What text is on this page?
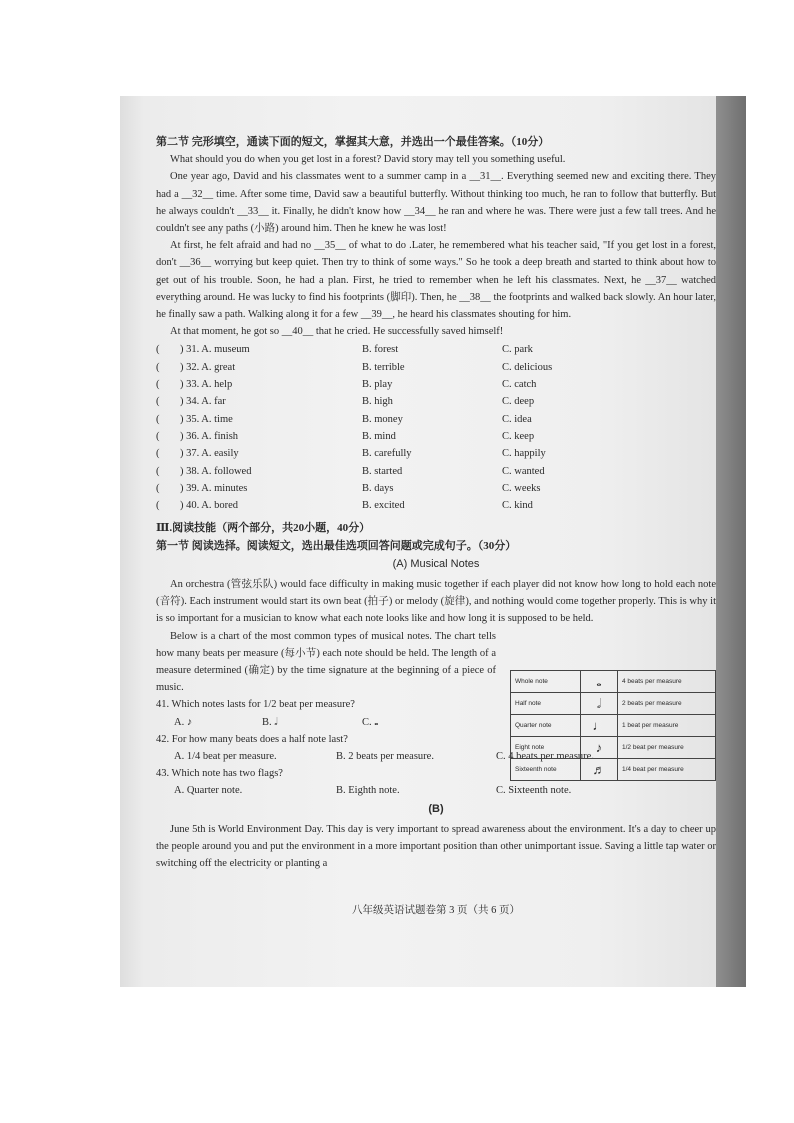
第二节 完形填空，通读下面的短文，掌握其大意，并选出一个最佳答案。（10分）

What should you do when you get lost in a forest? David story may tell you something useful.

One year ago, David and his classmates went to a summer camp in a __31__. Everything seemed new and exciting there. They had a __32__ time. After some time, David saw a beautiful butterfly. Without thinking too much, he ran to follow that butterfly. But he always couldn't __33__ it. Finally, he didn't know how __34__ he ran and where he was. There were just a few tall trees. And he couldn't see any paths (小路) around him. Then he knew he was lost!

At first, he felt afraid and had no __35__ of what to do .Later, he remembered what his teacher said, "If you get lost in a forest, don't __36__ worrying but keep quiet. Then try to think of some ways." So he took a deep breath and started to think about how to get out of his trouble. Soon, he had a plan. First, he tried to remember when he left his classmates. Next, he __37__ watched everything around. He was lucky to find his footprints (脚印). Then, he __38__ the footprints and walked back slowly. An hour later, he finally saw a path. Walking along it for a few __39__, he heard his classmates shouting for him.

At that moment, he got so __40__ that he cried. He successfully saved himself!

(	) 31. A. museum	B. forest	C. park
(	) 32. A. great	B. terrible	C. delicious
(	) 33. A. help	B. play	C. catch
(	) 34. A. far	B. high	C. deep
(	) 35. A. time	B. money	C. idea
(	) 36. A. finish	B. mind	C. keep
(	) 37. A. easily	B. carefully	C. happily
(	) 38. A. followed	B. started	C. wanted
(	) 39. A. minutes	B. days	C. weeks
(	) 40. A. bored	B. excited	C. kind

Ⅲ.阅读技能（两个部分，共20小题，40分）

第一节 阅读选择。阅读短文，选出最佳选项回答问题或完成句子。（30分）

(A) Musical Notes

An orchestra (管弦乐队) would face difficulty in making music together if each player did not know how long to hold each note (音符). Each instrument would start its own beat (拍子) or melody (旋律), and nothing would come together properly. This is why it is so important for a musician to know what each note looks like and how long it is supposed to be held.

Below is a chart of the most common types of musical notes. The chart tells how many beats per measure (每小节) each note should be held. The length of a measure determined (确定) by the time signature at the beginning of a piece of music.

41. Which notes lasts for 1/2 beat per measure?

A. ♪	B. 𝅗𝅥	C. 𝅝

42. For how many beats does a half note last?

A. 1/4 beat per measure.	B. 2 beats per measure.	C. 4 beats per measure.

43. Which note has two flags?

A. Quarter note.	B. Eighth note.	C. Sixteenth note.

(B)

June 5th is World Environment Day. This day is very important to spread awareness about the environment. It's a day to cheer up the people around you and put the environment in a more important position than other unimportant issue. Saving a little tap water or switching off the electricity or planting a

Whole note	𝅝	4 beats per measure
Half note	𝅗𝅥	2 beats per measure
Quarter note	♩	1 beat per measure
Eight note	♪	1/2 beat per measure
Sixteenth note	♬	1/4 beat per measure
八年级英语试题卷第 3 页（共 6 页）
